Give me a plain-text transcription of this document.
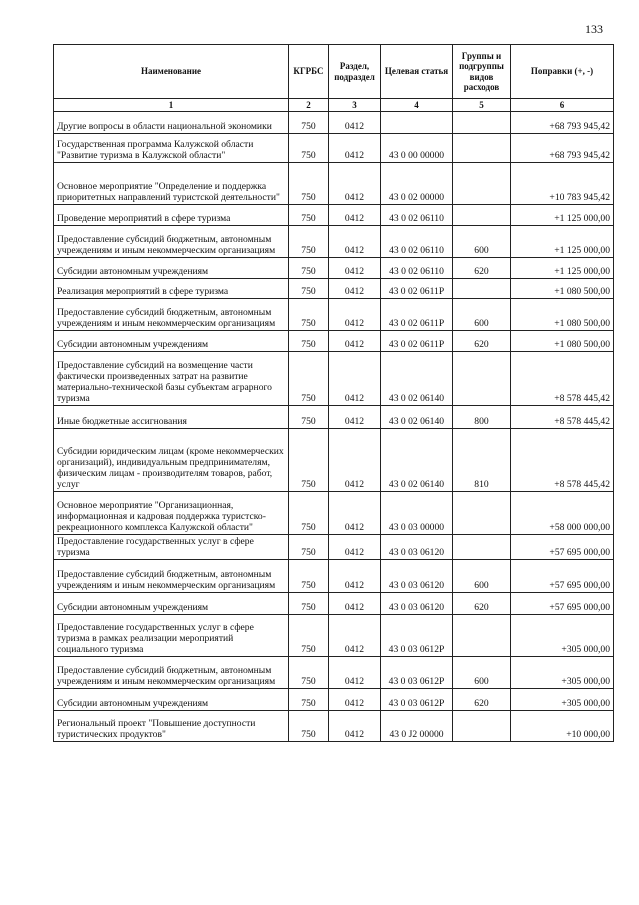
133
Наименование	КГРБС	Раздел, подраздел	Целевая статья	Группы и подгруппы видов расходов	Поправки (+, -)
1	2	3	4	5	6
Другие вопросы в области национальной экономики	750	0412			+68 793 945,42
Государственная программа Калужской области "Развитие туризма в Калужской области"	750	0412	43 0 00 00000		+68 793 945,42
Основное мероприятие "Определение и поддержка приоритетных направлений туристской деятельности"	750	0412	43 0 02 00000		+10 783 945,42
Проведение мероприятий в сфере туризма	750	0412	43 0 02 06110		+1 125 000,00
Предоставление субсидий бюджетным, автономным учреждениям и иным некоммерческим организациям	750	0412	43 0 02 06110	600	+1 125 000,00
Субсидии автономным учреждениям	750	0412	43 0 02 06110	620	+1 125 000,00
Реализация мероприятий в сфере туризма	750	0412	43 0 02 0611Р		+1 080 500,00
Предоставление субсидий бюджетным, автономным учреждениям и иным некоммерческим организациям	750	0412	43 0 02 0611Р	600	+1 080 500,00
Субсидии автономным учреждениям	750	0412	43 0 02 0611Р	620	+1 080 500,00
Предоставление субсидий на возмещение части фактически произведенных затрат на развитие материально-технической базы субъектам аграрного туризма	750	0412	43 0 02 06140		+8 578 445,42
Иные бюджетные ассигнования	750	0412	43 0 02 06140	800	+8 578 445,42
Субсидии юридическим лицам (кроме некоммерческих организаций), индивидуальным предпринимателям, физическим лицам - производителям товаров, работ, услуг	750	0412	43 0 02 06140	810	+8 578 445,42
Основное мероприятие "Организационная, информационная и кадровая поддержка туристско-рекреационного комплекса Калужской области"	750	0412	43 0 03 00000		+58 000 000,00
Предоставление государственных услуг в сфере туризма	750	0412	43 0 03 06120		+57 695 000,00
Предоставление субсидий бюджетным, автономным учреждениям и иным некоммерческим организациям	750	0412	43 0 03 06120	600	+57 695 000,00
Субсидии автономным учреждениям	750	0412	43 0 03 06120	620	+57 695 000,00
Предоставление государственных услуг в сфере туризма в рамках реализации мероприятий социального туризма	750	0412	43 0 03 0612Р		+305 000,00
Предоставление субсидий бюджетным, автономным учреждениям и иным некоммерческим организациям	750	0412	43 0 03 0612Р	600	+305 000,00
Субсидии автономным учреждениям	750	0412	43 0 03 0612Р	620	+305 000,00
Региональный проект "Повышение доступности туристических продуктов"	750	0412	43 0 J2 00000		+10 000,00
